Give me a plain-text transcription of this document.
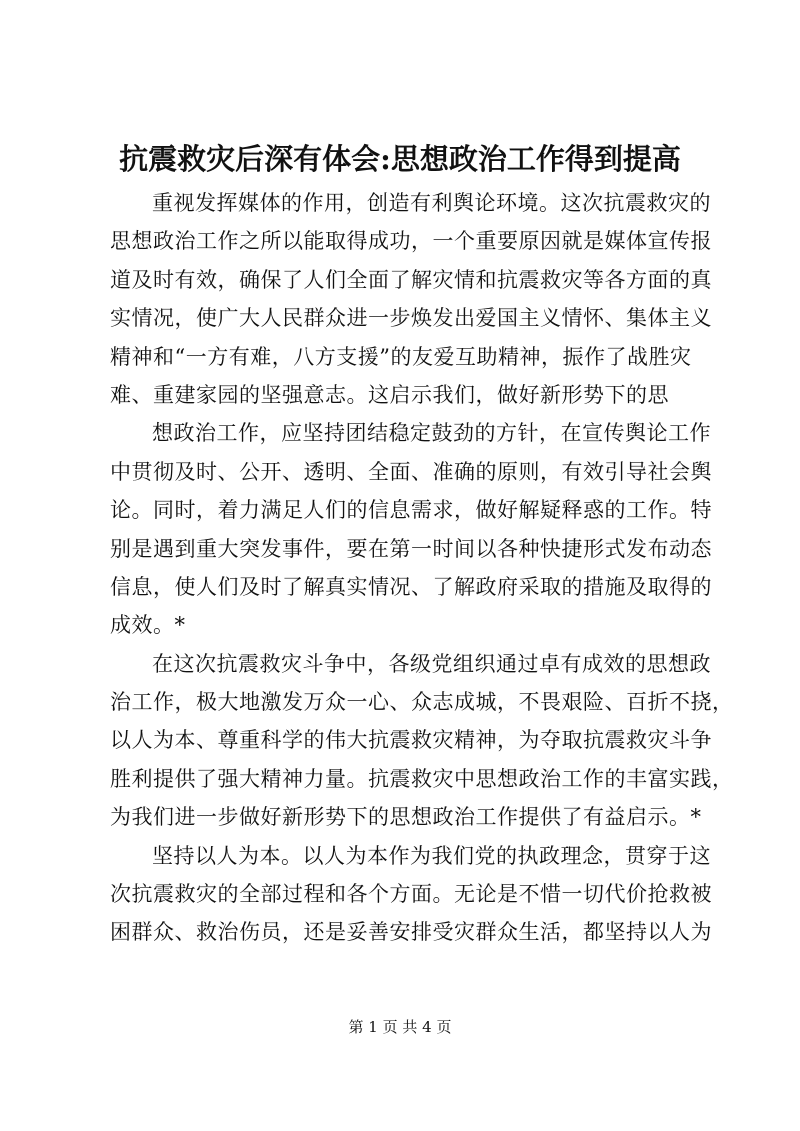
抗震救灾后深有体会:思想政治工作得到提高
重视发挥媒体的作用，创造有利舆论环境。这次抗震救灾的
思想政治工作之所以能取得成功，一个重要原因就是媒体宣传报
道及时有效，确保了人们全面了解灾情和抗震救灾等各方面的真
实情况，使广大人民群众进一步焕发出爱国主义情怀、集体主义
精神和“一方有难，八方支援”的友爱互助精神，振作了战胜灾
难、重建家园的坚强意志。这启示我们，做好新形势下的思
想政治工作，应坚持团结稳定鼓劲的方针，在宣传舆论工作
中贯彻及时、公开、透明、全面、准确的原则，有效引导社会舆
论。同时，着力满足人们的信息需求，做好解疑释惑的工作。特
别是遇到重大突发事件，要在第一时间以各种快捷形式发布动态
信息，使人们及时了解真实情况、了解政府采取的措施及取得的
成效。*
在这次抗震救灾斗争中，各级党组织通过卓有成效的思想政
治工作，极大地激发万众一心、众志成城，不畏艰险、百折不挠，
以人为本、尊重科学的伟大抗震救灾精神，为夺取抗震救灾斗争
胜利提供了强大精神力量。抗震救灾中思想政治工作的丰富实践，
为我们进一步做好新形势下的思想政治工作提供了有益启示。*
坚持以人为本。以人为本作为我们党的执政理念，贯穿于这
次抗震救灾的全部过程和各个方面。无论是不惜一切代价抢救被
困群众、救治伤员，还是妥善安排受灾群众生活，都坚持以人为
第 1 页 共 4 页
